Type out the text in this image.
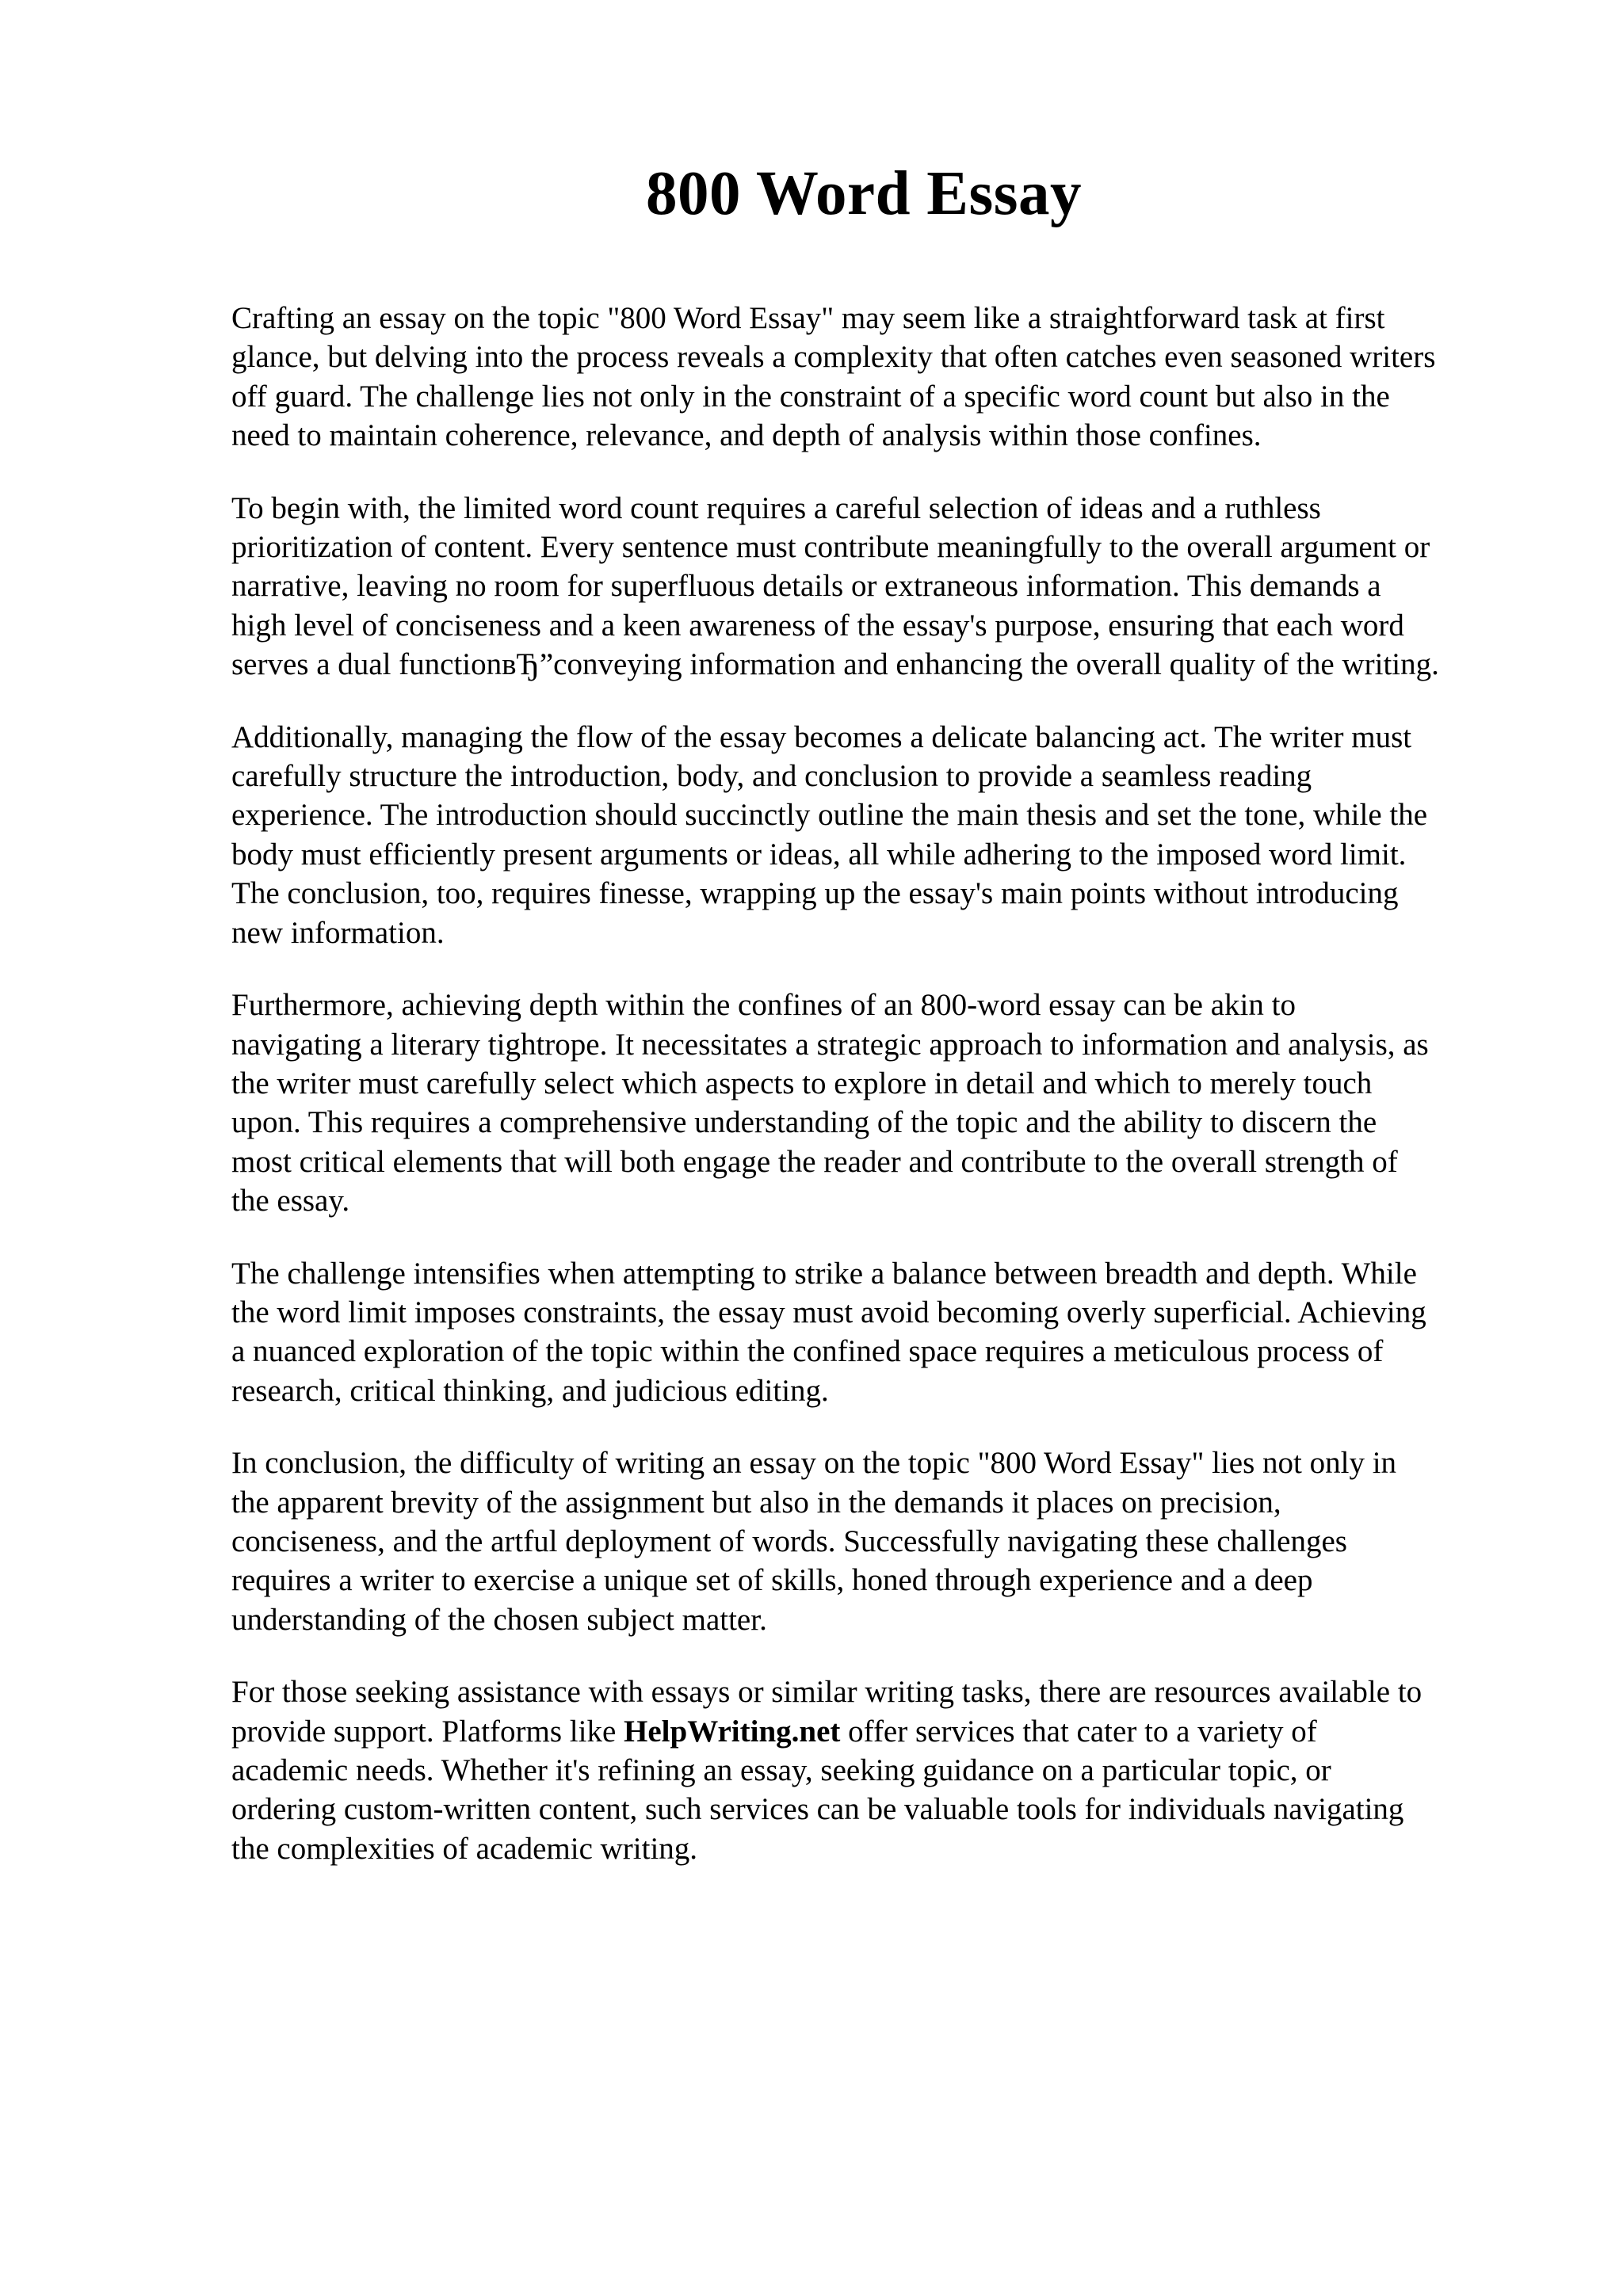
800 Word Essay

Crafting an essay on the topic "800 Word Essay" may seem like a straightforward task at first
glance, but delving into the process reveals a complexity that often catches even seasoned writers
off guard. The challenge lies not only in the constraint of a specific word count but also in the
need to maintain coherence, relevance, and depth of analysis within those confines.

To begin with, the limited word count requires a careful selection of ideas and a ruthless
prioritization of content. Every sentence must contribute meaningfully to the overall argument or
narrative, leaving no room for superfluous details or extraneous information. This demands a
high level of conciseness and a keen awareness of the essay's purpose, ensuring that each word
serves a dual functionвЂ”conveying information and enhancing the overall quality of the writing.

Additionally, managing the flow of the essay becomes a delicate balancing act. The writer must
carefully structure the introduction, body, and conclusion to provide a seamless reading
experience. The introduction should succinctly outline the main thesis and set the tone, while the
body must efficiently present arguments or ideas, all while adhering to the imposed word limit.
The conclusion, too, requires finesse, wrapping up the essay's main points without introducing
new information.

Furthermore, achieving depth within the confines of an 800-word essay can be akin to
navigating a literary tightrope. It necessitates a strategic approach to information and analysis, as
the writer must carefully select which aspects to explore in detail and which to merely touch
upon. This requires a comprehensive understanding of the topic and the ability to discern the
most critical elements that will both engage the reader and contribute to the overall strength of
the essay.

The challenge intensifies when attempting to strike a balance between breadth and depth. While
the word limit imposes constraints, the essay must avoid becoming overly superficial. Achieving
a nuanced exploration of the topic within the confined space requires a meticulous process of
research, critical thinking, and judicious editing.

In conclusion, the difficulty of writing an essay on the topic "800 Word Essay" lies not only in
the apparent brevity of the assignment but also in the demands it places on precision,
conciseness, and the artful deployment of words. Successfully navigating these challenges
requires a writer to exercise a unique set of skills, honed through experience and a deep
understanding of the chosen subject matter.

For those seeking assistance with essays or similar writing tasks, there are resources available to
provide support. Platforms like HelpWriting.net offer services that cater to a variety of
academic needs. Whether it's refining an essay, seeking guidance on a particular topic, or
ordering custom-written content, such services can be valuable tools for individuals navigating
the complexities of academic writing.
